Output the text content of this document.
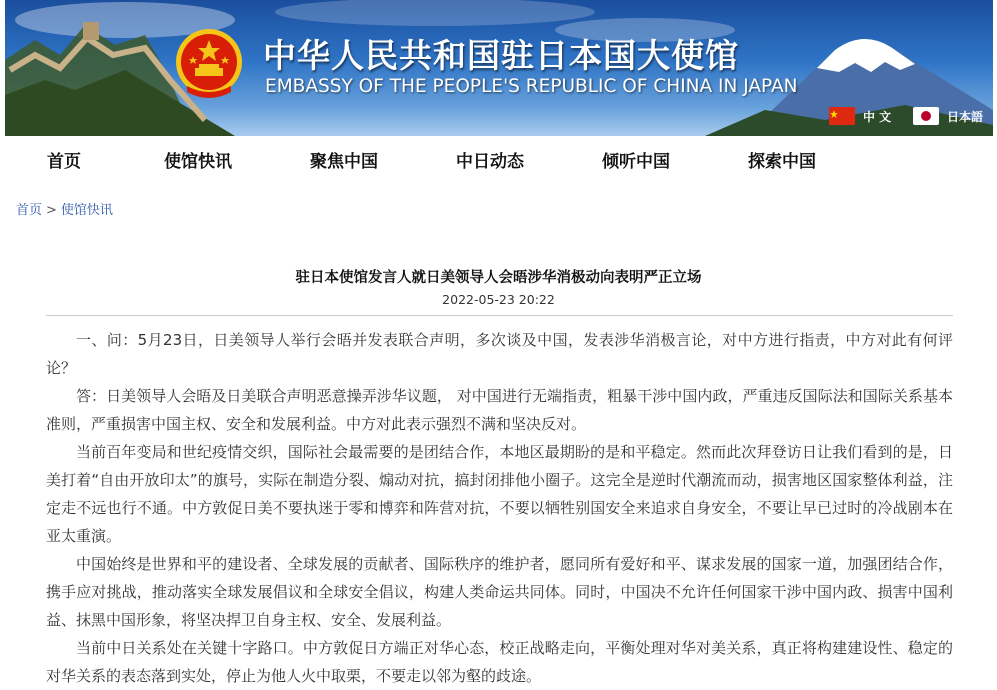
中华人民共和国驻日本国大使馆
EMBASSY OF THE PEOPLE'S REPUBLIC OF CHINA IN JAPAN
中 文	日本語
首页	使馆快讯	聚焦中国	中日动态	倾听中国	探索中国
首页 > 使馆快讯
驻日本使馆发言人就日美领导人会晤涉华消极动向表明严正立场
2022-05-23 20:22

一、问：5月23日，日美领导人举行会晤并发表联合声明，多次谈及中国，发表涉华消极言论，对中方进行指责，中方对此有何评论？

答：日美领导人会晤及日美联合声明恶意操弄涉华议题， 对中国进行无端指责，粗暴干涉中国内政，严重违反国际法和国际关系基本准则，严重损害中国主权、安全和发展利益。中方对此表示强烈不满和坚决反对。

当前百年变局和世纪疫情交织，国际社会最需要的是团结合作，本地区最期盼的是和平稳定。然而此次拜登访日让我们看到的是，日美打着“自由开放印太”的旗号，实际在制造分裂、煽动对抗，搞封闭排他小圈子。这完全是逆时代潮流而动，损害地区国家整体利益，注定走不远也行不通。中方敦促日美不要执迷于零和博弈和阵营对抗，不要以牺牲别国安全来追求自身安全，不要让早已过时的冷战剧本在亚太重演。

中国始终是世界和平的建设者、全球发展的贡献者、国际秩序的维护者，愿同所有爱好和平、谋求发展的国家一道，加强团结合作，携手应对挑战，推动落实全球发展倡议和全球安全倡议，构建人类命运共同体。同时，中国决不允许任何国家干涉中国内政、损害中国利益、抹黑中国形象，将坚决捍卫自身主权、安全、发展利益。

当前中日关系处在关键十字路口。中方敦促日方端正对华心态，校正战略走向，平衡处理对华对美关系，真正将构建建设性、稳定的对华关系的表态落到实处，停止为他人火中取栗，不要走以邻为壑的歧途。
